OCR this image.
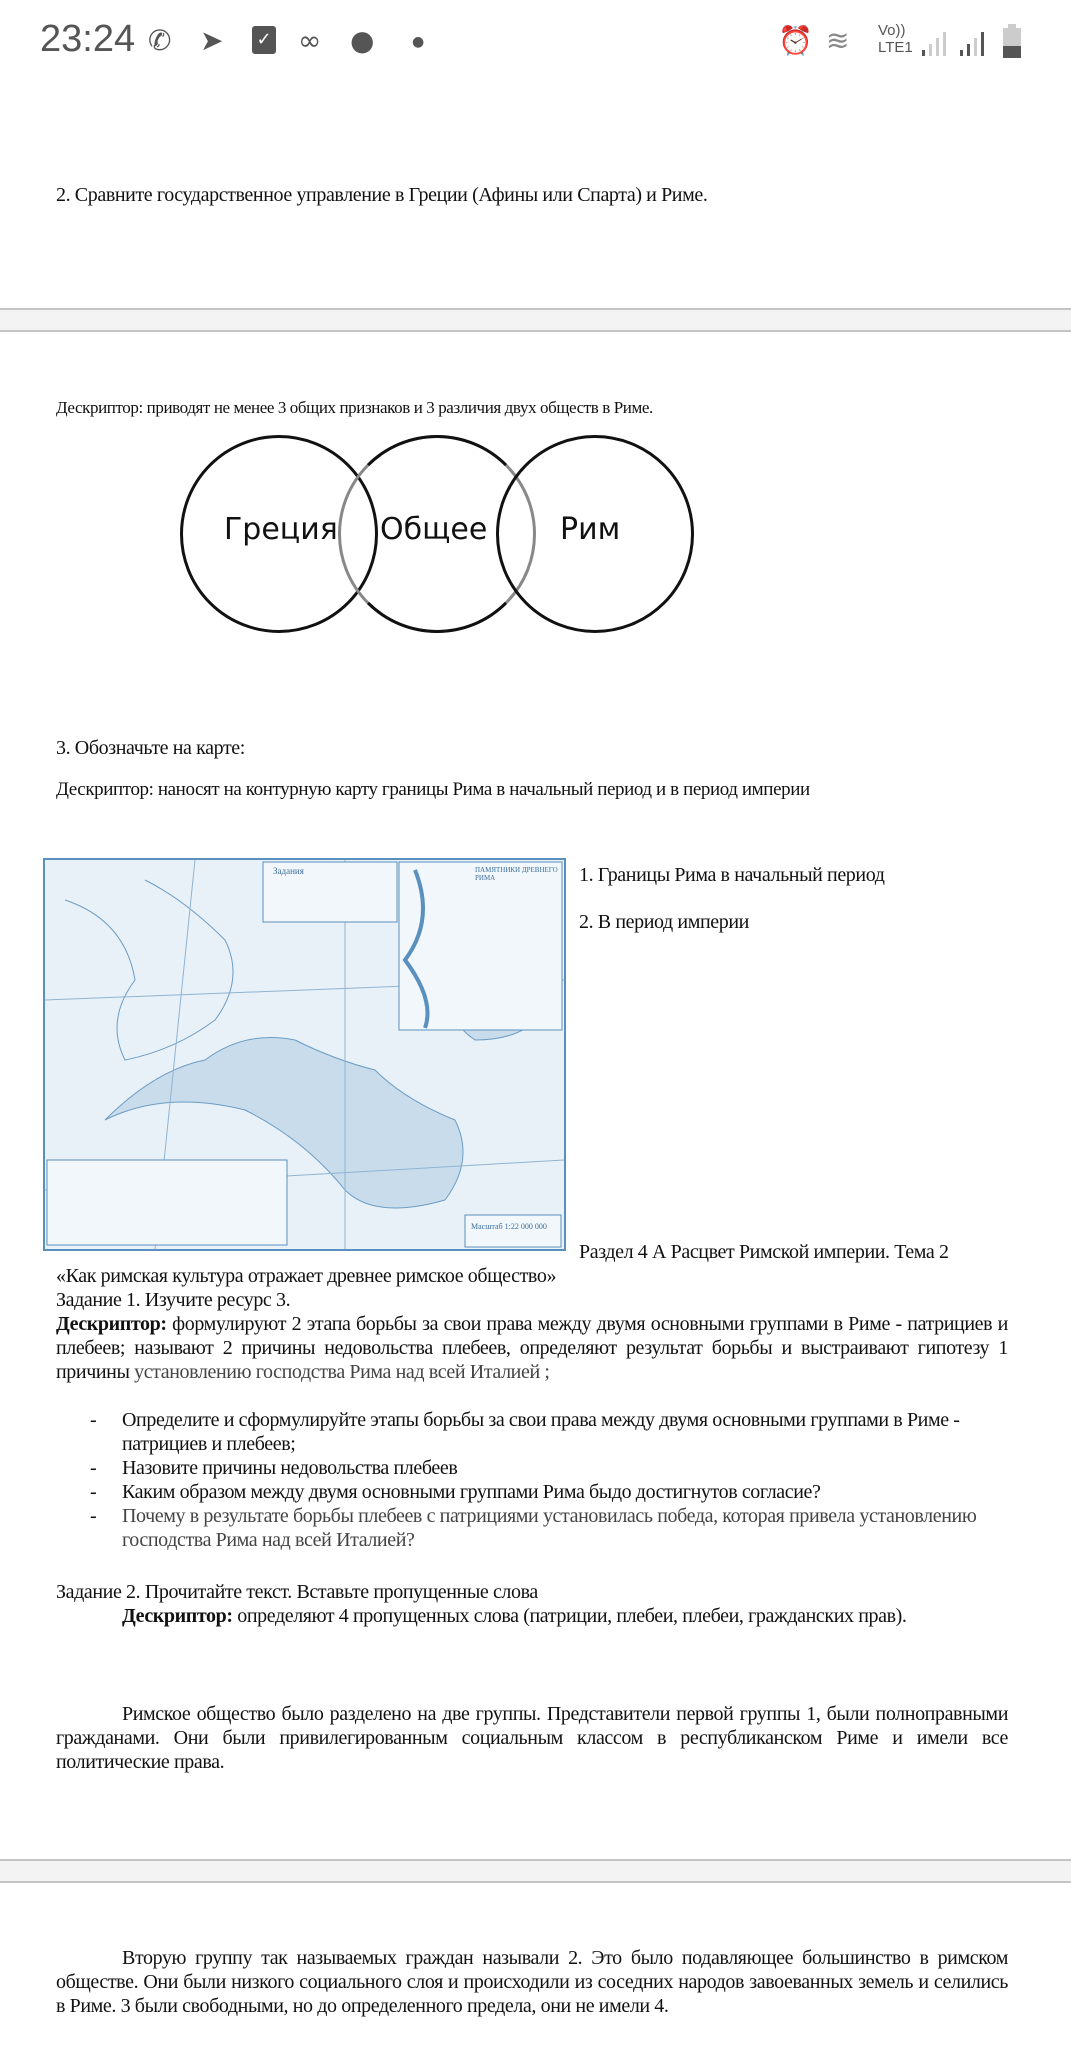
23:24 ✆ ➤ ✓ ∞ ●	●	⏰ ≋ Vo))
LTE1
2. Сравните государственное управление в Греции (Афины или Спарта) и Риме.
Дескриптор: приводят не менее 3 общих признаков и 3 различия двух обществ в Риме.
Греция Общее Рим
3. Обозначьте на карте:
Дескриптор: наносят на контурную карту границы Рима в начальный период и в период империи
Задания	ПАМЯТНИКИ ДРЕВНЕГО РИМА
Масштаб 1:22 000 000
1. Границы Рима в начальный период
2. В период империи
Раздел 4 А Расцвет Римской империи. Тема 2
«Как римская культура отражает древнее римское общество»
Задание 1. Изучите ресурс 3.
Дескриптор: формулируют 2 этапа борьбы за свои права между двумя основными группами в Риме - патрициев и плебеев; называют 2 причины недовольства плебеев, определяют результат борьбы и выстраивают гипотезу 1 причины установлению господства Рима над всей Италией ;
- Определите и сформулируйте этапы борьбы за свои права между двумя основными группами в Риме - патрициев и плебеев;
- Назовите причины недовольства плебеев
- Каким образом между двумя основными группами Рима быдо достигнутов согласие?
- Почему в результате борьбы плебеев с патрициями установилась победа, которая привела установлению господства Рима над всей Италией?
Задание 2. Прочитайте текст. Вставьте пропущенные слова
Дескриптор: определяют 4 пропущенных слова (патриции, плебеи, плебеи, гражданских прав).
Римское общество было разделено на две группы. Представители первой группы 1, были полноправными гражданами. Они были привилегированным социальным классом в республиканском Риме и имели все политические права.
Вторую группу так называемых граждан называли 2. Это было подавляющее большинство в римском обществе. Они были низкого социального слоя и происходили из соседних народов завоеванных земель и селились в Риме. 3 были свободными, но до определенного предела, они не имели 4.
